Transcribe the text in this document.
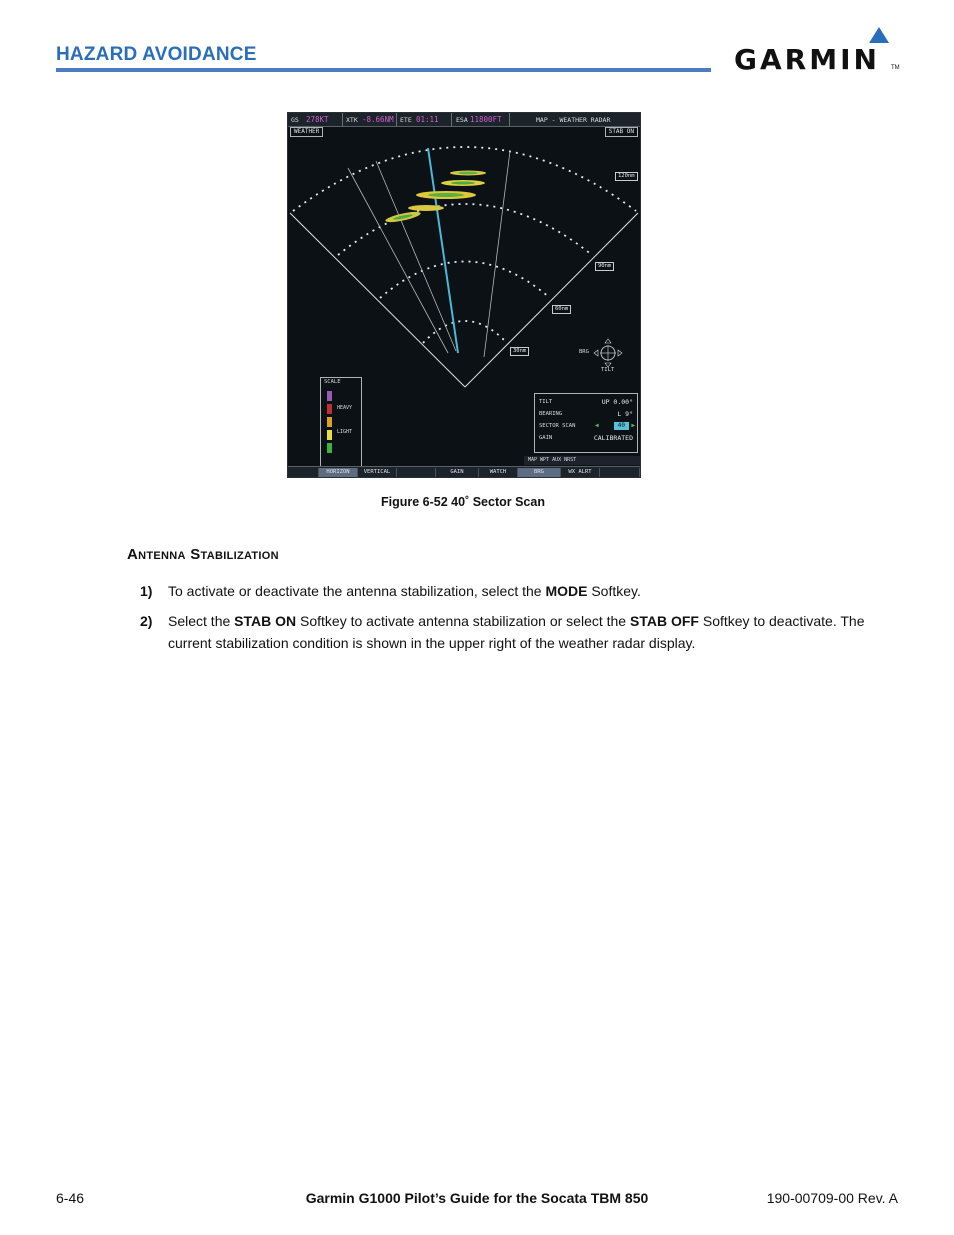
HAZARD AVOIDANCE	GARMIN TM
GS 278KT	XTK -8.66NM ETE 01:11	ESA 11800FT	MAP - WEATHER RADAR
WEATHER	STAB ON
120nm
90nm
60nm
30nm	BRG
TILT
SCALE
HEAVY
LIGHT
TILT	UP 0.00°
BEARING	L 9°
SECTOR SCAN	◀	40	▶
GAIN	CALIBRATED
MAP WPT AUX NRST
HORIZON	VERTICAL	GAIN	WATCH	BRG	WX ALRT
Figure 6-52 40˚ Sector Scan
Antenna Stabilization
1) To activate or deactivate the antenna stabilization, select the MODE Softkey.
2) Select the STAB ON Softkey to activate antenna stabilization or select the STAB OFF Softkey to deactivate. The current stabilization condition is shown in the upper right of the weather radar display.
6-46	Garmin G1000 Pilot’s Guide for the Socata TBM 850	190-00709-00 Rev. A
